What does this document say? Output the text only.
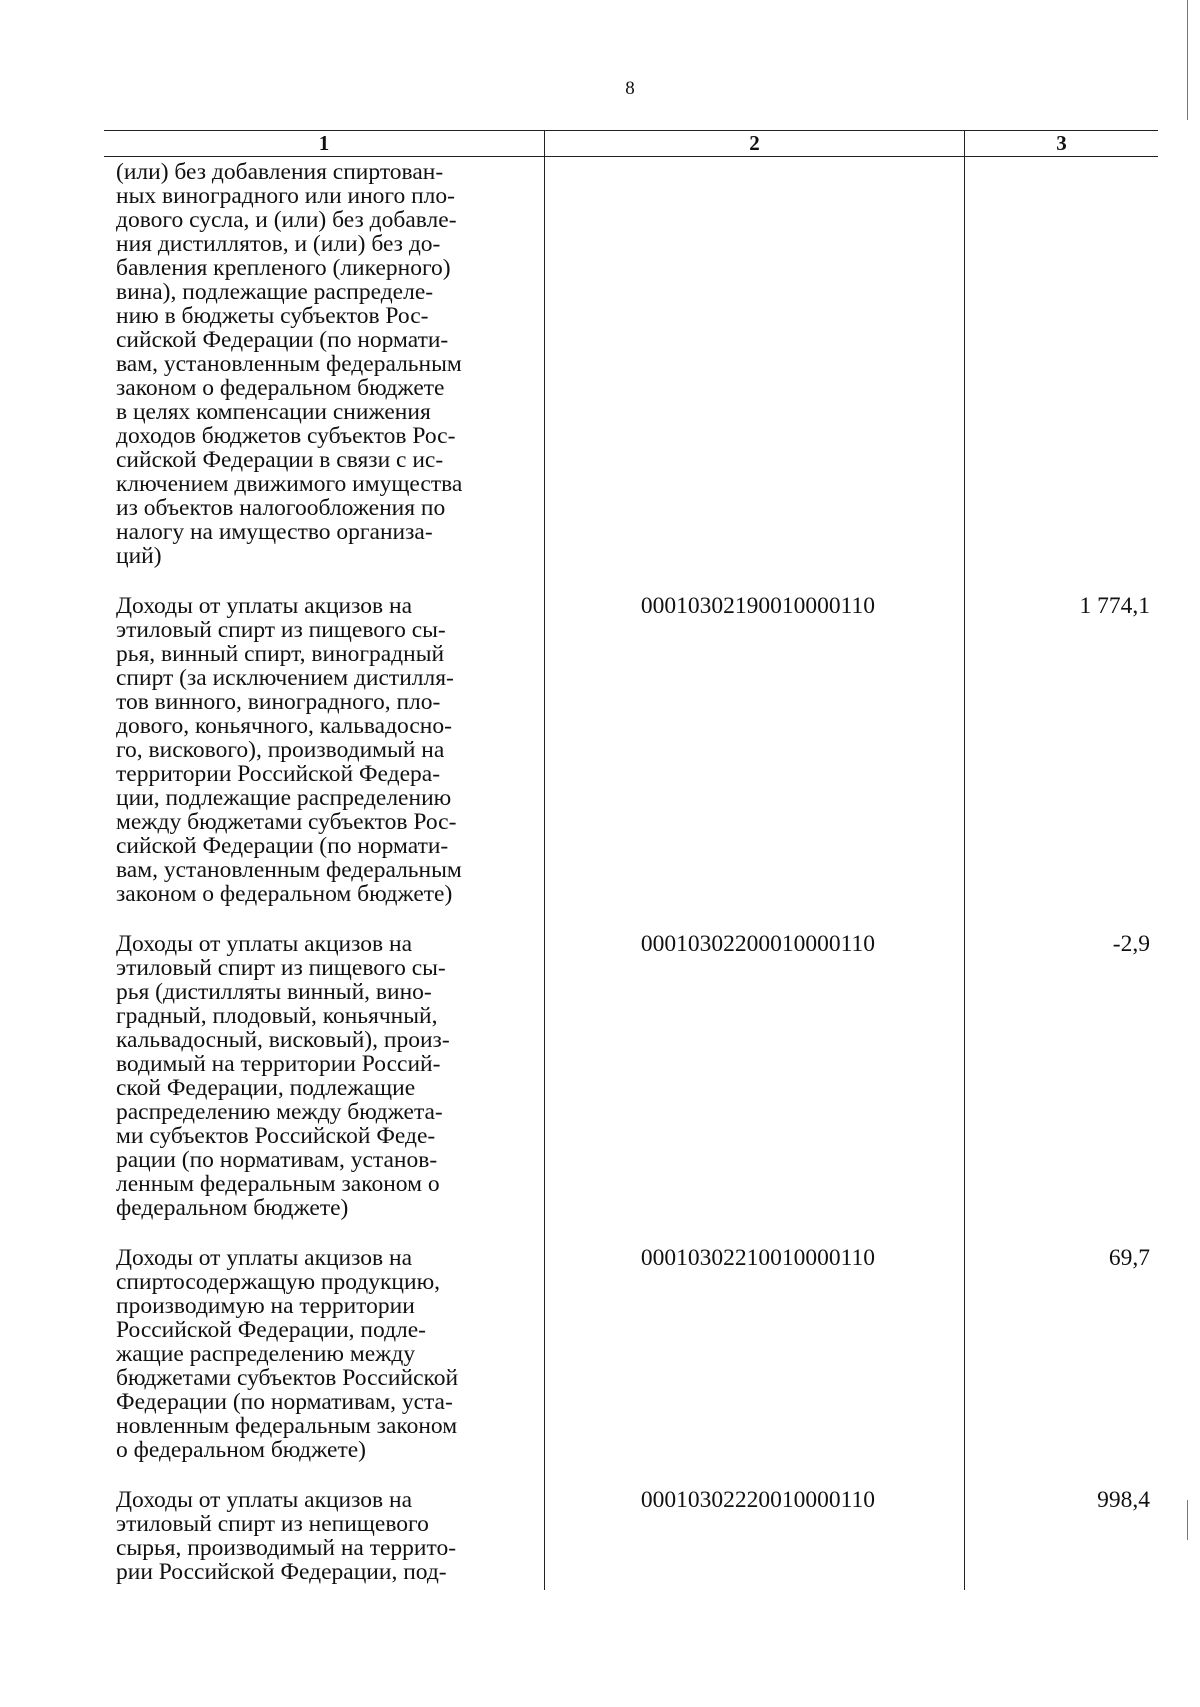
8
1	2	3
(или) без добавления спиртован-
ных виноградного или иного пло-
дового сусла, и (или) без добавле-
ния дистиллятов, и (или) без до-
бавления крепленого (ликерного)
вина), подлежащие распределе-
нию в бюджеты субъектов Рос-
сийской Федерации (по нормати-
вам, установленным федеральным
законом о федеральном бюджете
в целях компенсации снижения
доходов бюджетов субъектов Рос-
сийской Федерации в связи с ис-
ключением движимого имущества
из объектов налогообложения по
налогу на имущество организа-
ций)
Доходы от уплаты акцизов на
этиловый спирт из пищевого сы-
рья, винный спирт, виноградный
спирт (за исключением дистилля-
тов винного, виноградного, пло-
дового, коньячного, кальвадосно-
го, вискового), производимый на
территории Российской Федера-
ции, подлежащие распределению
между бюджетами субъектов Рос-
сийской Федерации (по нормати-
вам, установленным федеральным
законом о федеральном бюджете)
00010302190010000110	1 774,1
Доходы от уплаты акцизов на
этиловый спирт из пищевого сы-
рья (дистилляты винный, вино-
градный, плодовый, коньячный,
кальвадосный, висковый), произ-
водимый на территории Россий-
ской Федерации, подлежащие
распределению между бюджета-
ми субъектов Российской Феде-
рации (по нормативам, установ-
ленным федеральным законом о
федеральном бюджете)
00010302200010000110	-2,9
Доходы от уплаты акцизов на
спиртосодержащую продукцию,
производимую на территории
Российской Федерации, подле-
жащие распределению между
бюджетами субъектов Российской
Федерации (по нормативам, уста-
новленным федеральным законом
о федеральном бюджете)
00010302210010000110	69,7
Доходы от уплаты акцизов на
этиловый спирт из непищевого
сырья, производимый на террито-
рии Российской Федерации, под-
00010302220010000110	998,4
